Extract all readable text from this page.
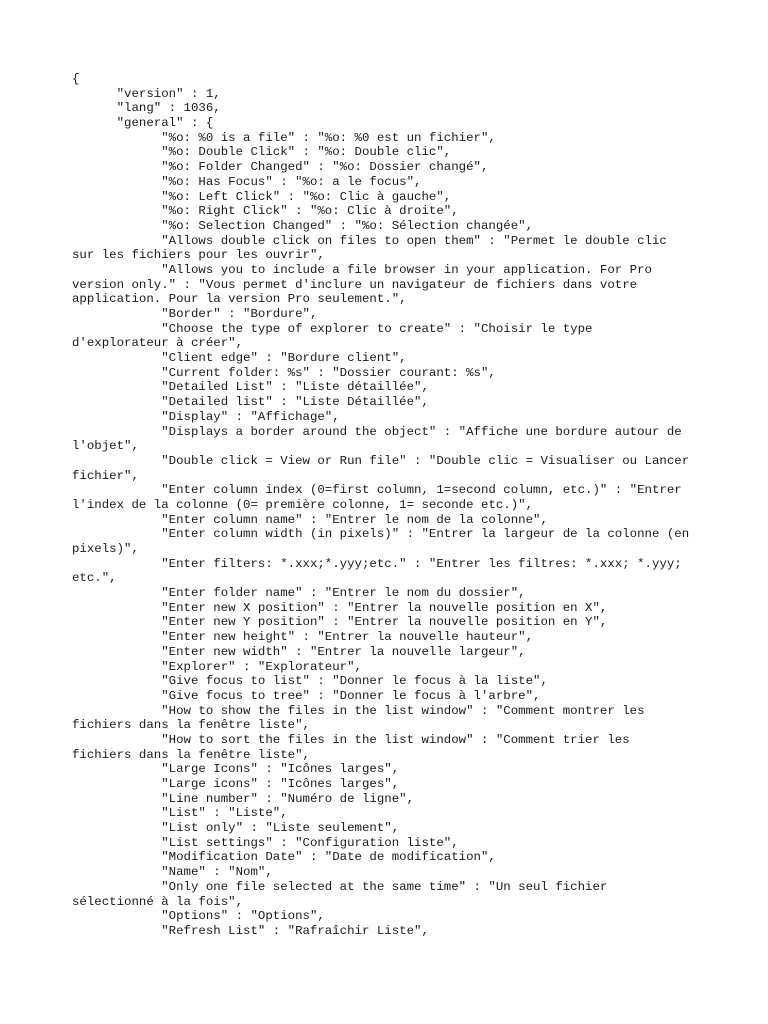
{
"version" : 1,
"lang" : 1036,
"general" : {
"%o: %0 is a file" : "%o: %0 est un fichier",
"%o: Double Click" : "%o: Double clic",
"%o: Folder Changed" : "%o: Dossier changé",
"%o: Has Focus" : "%o: a le focus",
"%o: Left Click" : "%o: Clic à gauche",
"%o: Right Click" : "%o: Clic à droite",
"%o: Selection Changed" : "%o: Sélection changée",
"Allows double click on files to open them" : "Permet le double clic
sur les fichiers pour les ouvrir",
"Allows you to include a file browser in your application. For Pro
version only." : "Vous permet d'inclure un navigateur de fichiers dans votre
application. Pour la version Pro seulement.",
"Border" : "Bordure",
"Choose the type of explorer to create" : "Choisir le type
d'explorateur à créer",
"Client edge" : "Bordure client",
"Current folder: %s" : "Dossier courant: %s",
"Detailed List" : "Liste détaillée",
"Detailed list" : "Liste Détaillée",
"Display" : "Affichage",
"Displays a border around the object" : "Affiche une bordure autour de
l'objet",
"Double click = View or Run file" : "Double clic = Visualiser ou Lancer
fichier",
"Enter column index (0=first column, 1=second column, etc.)" : "Entrer
l'index de la colonne (0= première colonne, 1= seconde etc.)",
"Enter column name" : "Entrer le nom de la colonne",
"Enter column width (in pixels)" : "Entrer la largeur de la colonne (en
pixels)",
"Enter filters: *.xxx;*.yyy;etc." : "Entrer les filtres: *.xxx; *.yyy;
etc.",
"Enter folder name" : "Entrer le nom du dossier",
"Enter new X position" : "Entrer la nouvelle position en X",
"Enter new Y position" : "Entrer la nouvelle position en Y",
"Enter new height" : "Entrer la nouvelle hauteur",
"Enter new width" : "Entrer la nouvelle largeur",
"Explorer" : "Explorateur",
"Give focus to list" : "Donner le focus à la liste",
"Give focus to tree" : "Donner le focus à l'arbre",
"How to show the files in the list window" : "Comment montrer les
fichiers dans la fenêtre liste",
"How to sort the files in the list window" : "Comment trier les
fichiers dans la fenêtre liste",
"Large Icons" : "Icônes larges",
"Large icons" : "Icônes larges",
"Line number" : "Numéro de ligne",
"List" : "Liste",
"List only" : "Liste seulement",
"List settings" : "Configuration liste",
"Modification Date" : "Date de modification",
"Name" : "Nom",
"Only one file selected at the same time" : "Un seul fichier
sélectionné à la fois",
"Options" : "Options",
"Refresh List" : "Rafraîchir Liste",
